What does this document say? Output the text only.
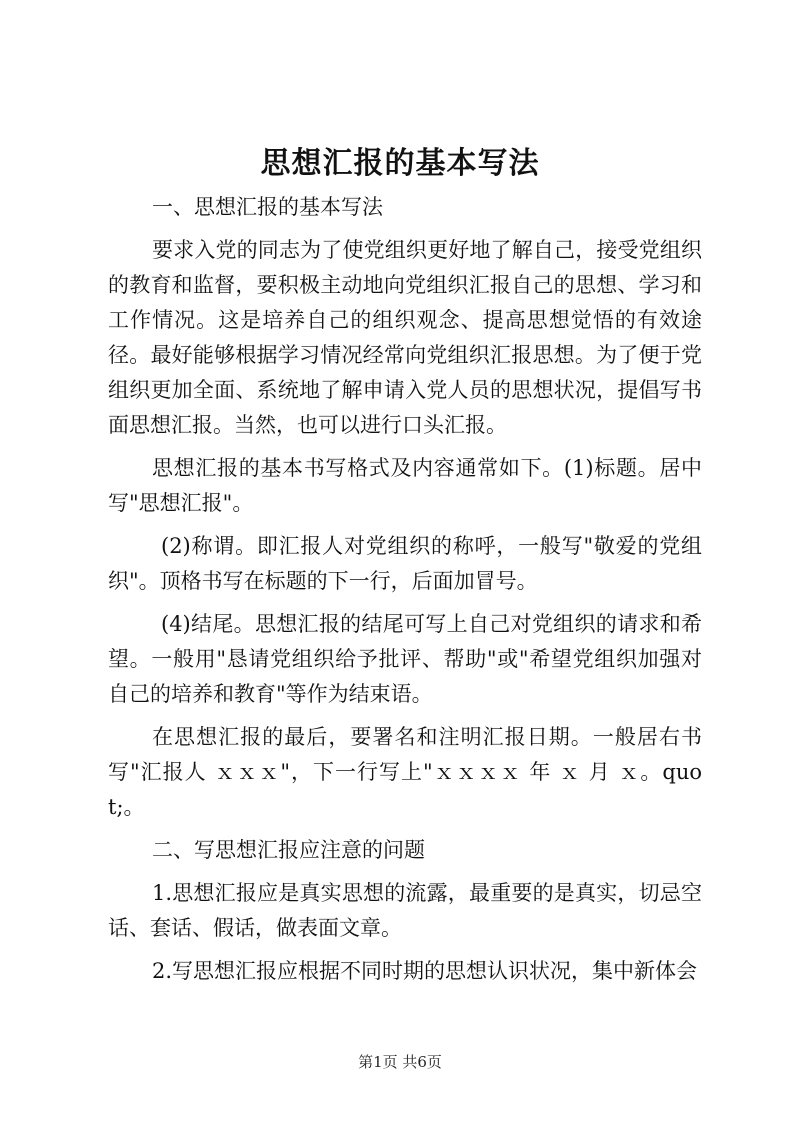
思想汇报的基本写法

一、思想汇报的基本写法

要求入党的同志为了使党组织更好地了解自己，接受党组织的教育和监督，要积极主动地向党组织汇报自己的思想、学习和工作情况。这是培养自己的组织观念、提高思想觉悟的有效途径。最好能够根据学习情况经常向党组织汇报思想。为了便于党组织更加全面、系统地了解申请入党人员的思想状况，提倡写书面思想汇报。当然，也可以进行口头汇报。

思想汇报的基本书写格式及内容通常如下。(1)标题。居中写"思想汇报"。

(2)称谓。即汇报人对党组织的称呼，一般写"敬爱的党组织"。顶格书写在标题的下一行，后面加冒号。

(4)结尾。思想汇报的结尾可写上自己对党组织的请求和希望。一般用"恳请党组织给予批评、帮助"或"希望党组织加强对自己的培养和教育"等作为结束语。

在思想汇报的最后，要署名和注明汇报日期。一般居右书写"汇报人 ｘｘｘ"，下一行写上"ｘｘｘｘ 年 ｘ 月 ｘ。quot;。

二、写思想汇报应注意的问题

1.思想汇报应是真实思想的流露，最重要的是真实，切忌空话、套话、假话，做表面文章。

2.写思想汇报应根据不同时期的思想认识状况，集中新体会

第1页 共6页
